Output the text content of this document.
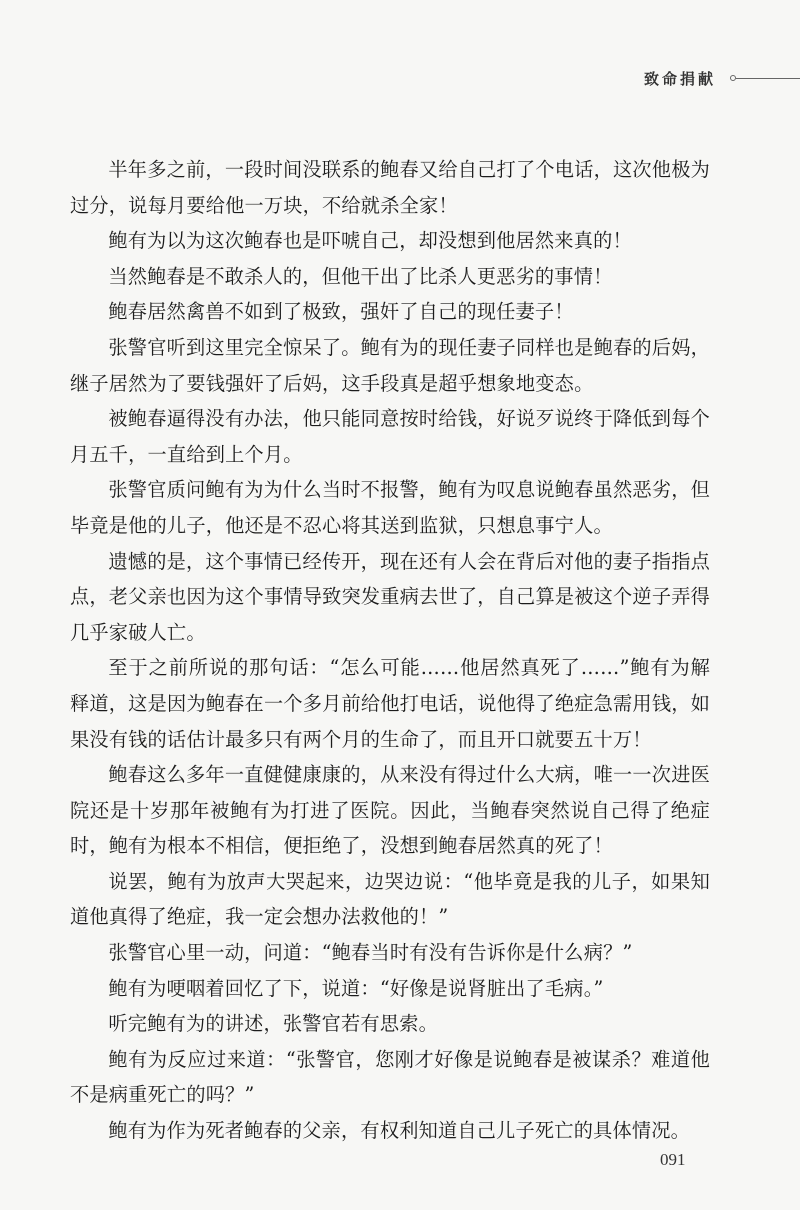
致命捐献

半年多之前，一段时间没联系的鲍春又给自己打了个电话，这次他极为过分，说每月要给他一万块，不给就杀全家！

鲍有为以为这次鲍春也是吓唬自己，却没想到他居然来真的！

当然鲍春是不敢杀人的，但他干出了比杀人更恶劣的事情！

鲍春居然禽兽不如到了极致，强奸了自己的现任妻子！

张警官听到这里完全惊呆了。鲍有为的现任妻子同样也是鲍春的后妈，继子居然为了要钱强奸了后妈，这手段真是超乎想象地变态。

被鲍春逼得没有办法，他只能同意按时给钱，好说歹说终于降低到每个月五千，一直给到上个月。

张警官质问鲍有为为什么当时不报警，鲍有为叹息说鲍春虽然恶劣，但毕竟是他的儿子，他还是不忍心将其送到监狱，只想息事宁人。

遗憾的是，这个事情已经传开，现在还有人会在背后对他的妻子指指点点，老父亲也因为这个事情导致突发重病去世了，自己算是被这个逆子弄得几乎家破人亡。

至于之前所说的那句话：“怎么可能……他居然真死了……”鲍有为解释道，这是因为鲍春在一个多月前给他打电话，说他得了绝症急需用钱，如果没有钱的话估计最多只有两个月的生命了，而且开口就要五十万！

鲍春这么多年一直健健康康的，从来没有得过什么大病，唯一一次进医院还是十岁那年被鲍有为打进了医院。因此，当鲍春突然说自己得了绝症时，鲍有为根本不相信，便拒绝了，没想到鲍春居然真的死了！

说罢，鲍有为放声大哭起来，边哭边说：“他毕竟是我的儿子，如果知道他真得了绝症，我一定会想办法救他的！”

张警官心里一动，问道：“鲍春当时有没有告诉你是什么病？”

鲍有为哽咽着回忆了下，说道：“好像是说肾脏出了毛病。”

听完鲍有为的讲述，张警官若有思索。

鲍有为反应过来道：“张警官，您刚才好像是说鲍春是被谋杀？难道他不是病重死亡的吗？”

鲍有为作为死者鲍春的父亲，有权利知道自己儿子死亡的具体情况。

091
